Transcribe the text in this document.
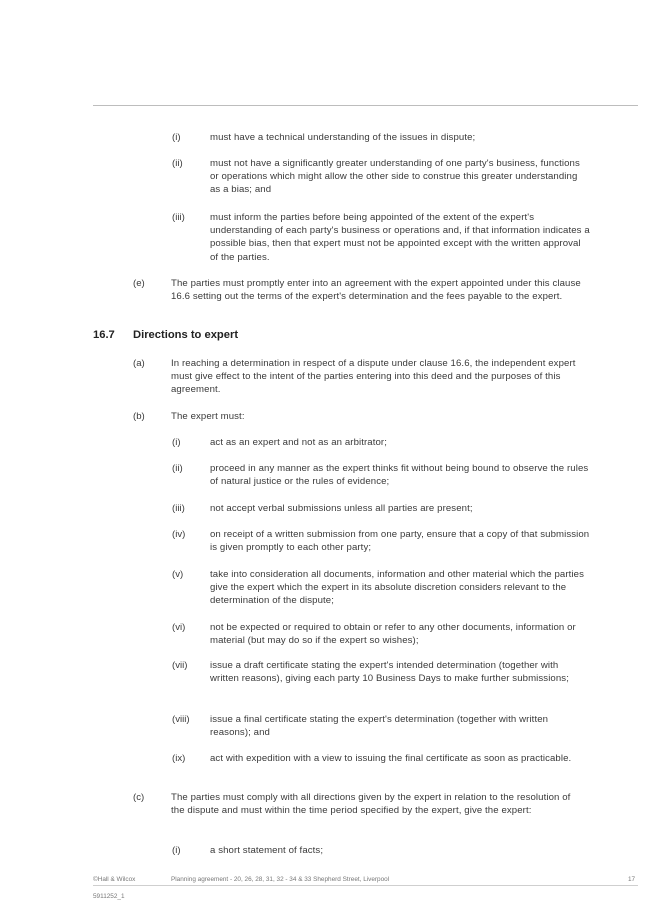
(i)	must have a technical understanding of the issues in dispute;
(ii)	must not have a significantly greater understanding of one party's business, functions or operations which might allow the other side to construe this greater understanding as a bias; and
(iii)	must inform the parties before being appointed of the extent of the expert's understanding of each party's business or operations and, if that information indicates a possible bias, then that expert must not be appointed except with the written approval of the parties.
(e)	The parties must promptly enter into an agreement with the expert appointed under this clause 16.6 setting out the terms of the expert's determination and the fees payable to the expert.
16.7 Directions to expert
(a)	In reaching a determination in respect of a dispute under clause 16.6, the independent expert must give effect to the intent of the parties entering into this deed and the purposes of this agreement.
(b)	The expert must:
(i)	act as an expert and not as an arbitrator;
(ii)	proceed in any manner as the expert thinks fit without being bound to observe the rules of natural justice or the rules of evidence;
(iii)	not accept verbal submissions unless all parties are present;
(iv)	on receipt of a written submission from one party, ensure that a copy of that submission is given promptly to each other party;
(v)	take into consideration all documents, information and other material which the parties give the expert which the expert in its absolute discretion considers relevant to the determination of the dispute;
(vi)	not be expected or required to obtain or refer to any other documents, information or material (but may do so if the expert so wishes);
(vii) issue a draft certificate stating the expert's intended determination (together with written reasons), giving each party 10 Business Days to make further submissions;
(viii) issue a final certificate stating the expert's determination (together with written reasons); and
(ix)	act with expedition with a view to issuing the final certificate as soon as practicable.
(c)	The parties must comply with all directions given by the expert in relation to the resolution of the dispute and must within the time period specified by the expert, give the expert:
(i)	a short statement of facts;
©Hall & Wilcox	Planning agreement - 20, 26, 28, 31, 32 - 34 & 33 Shepherd Street, Liverpool	17
5911252_1
